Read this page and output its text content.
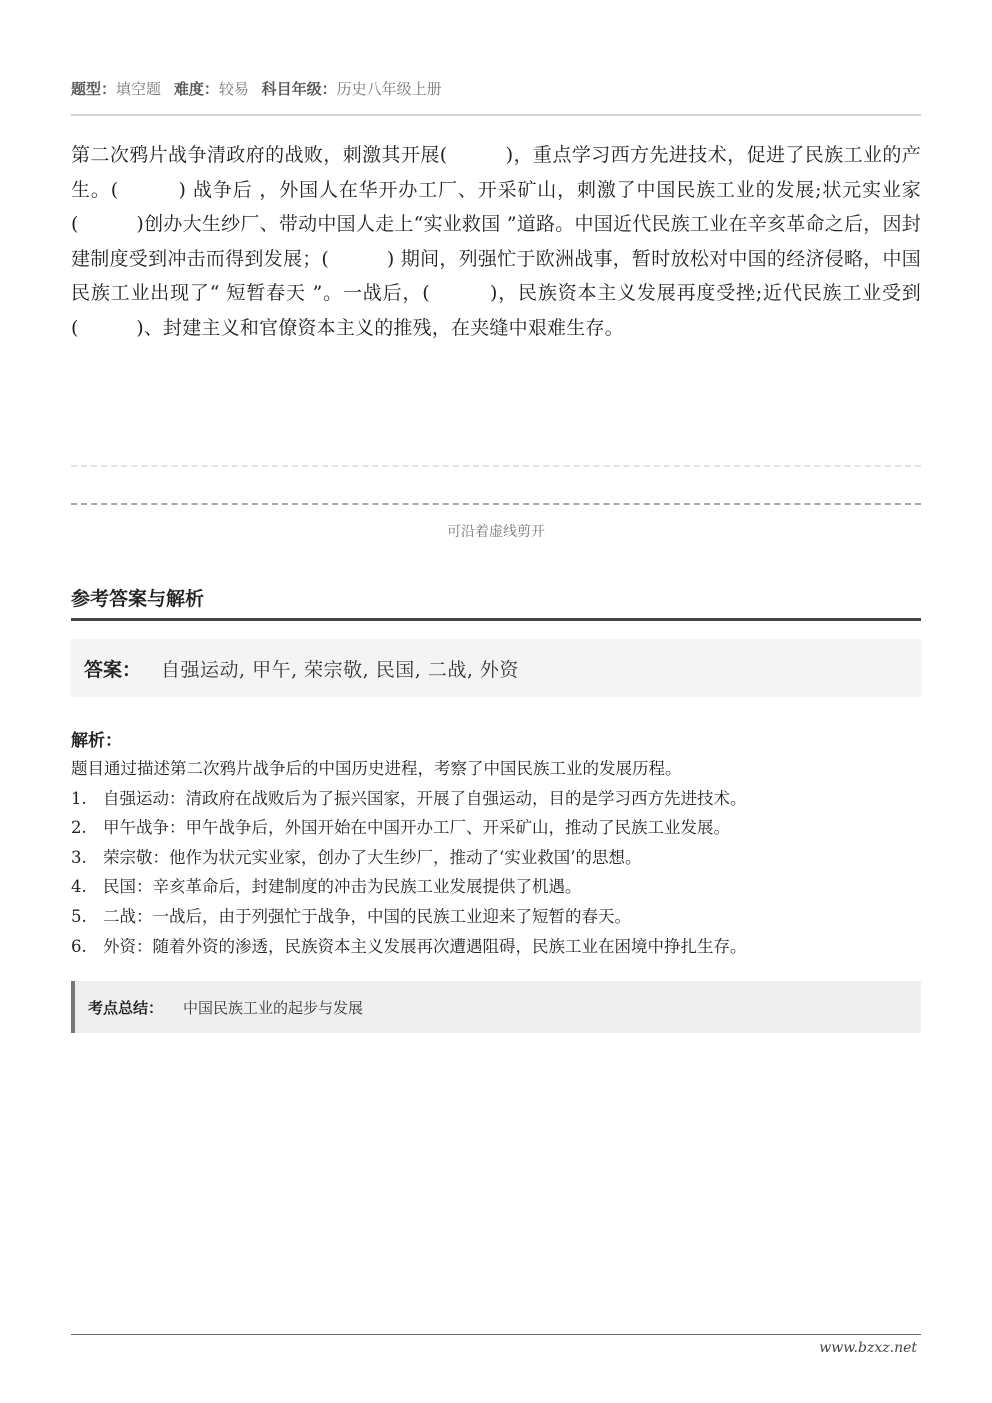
题型：填空题 难度：较易 科目年级：历史八年级上册
第二次鸦片战争清政府的战败，刺激其开展(　　　)，重点学习西方先进技术，促进了民族工业的产生。(　　　) 战争后 ，外国人在华开办工厂、开采矿山，刺激了中国民族工业的发展;状元实业家(　　　)创办大生纱厂、带动中国人走上“实业救国 ”道路。中国近代民族工业在辛亥革命之后，因封建制度受到冲击而得到发展；(　　　) 期间，列强忙于欧洲战事，暂时放松对中国的经济侵略，中国民族工业出现了“ 短暂春天 ”。一战后，(　　　)，民族资本主义发展再度受挫;近代民族工业受到(　　　)、封建主义和官僚资本主义的推残，在夹缝中艰难生存。
可沿着虚线剪开
参考答案与解析
答案： 自强运动, 甲午, 荣宗敬, 民国, 二战, 外资
解析：
题目通过描述第二次鸦片战争后的中国历史进程，考察了中国民族工业的发展历程。
1. 自强运动：清政府在战败后为了振兴国家，开展了自强运动，目的是学习西方先进技术。
2. 甲午战争：甲午战争后，外国开始在中国开办工厂、开采矿山，推动了民族工业发展。
3. 荣宗敬：他作为状元实业家，创办了大生纱厂，推动了‘实业救国’的思想。
4. 民国：辛亥革命后，封建制度的冲击为民族工业发展提供了机遇。
5. 二战：一战后，由于列强忙于战争，中国的民族工业迎来了短暂的春天。
6. 外资：随着外资的渗透，民族资本主义发展再次遭遇阻碍，民族工业在困境中挣扎生存。
考点总结： 中国民族工业的起步与发展
www.bzxz.net
